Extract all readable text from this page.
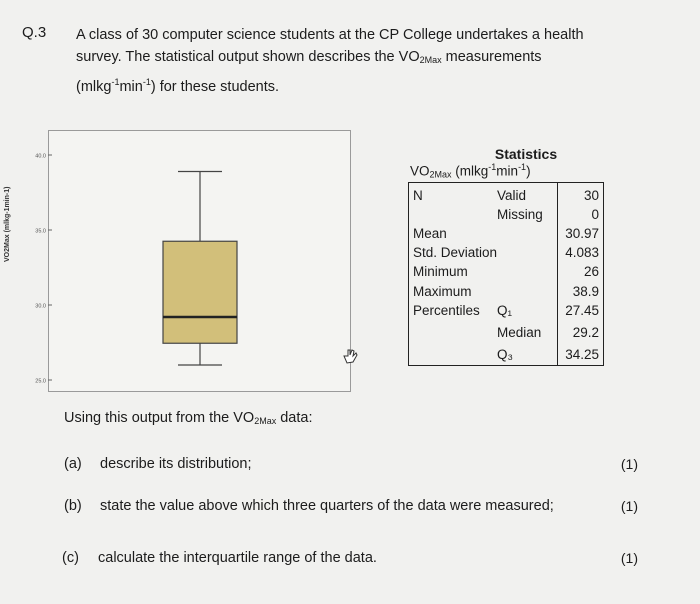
Q.3 A class of 30 computer science students at the CP College undertakes a health
survey. The statistical output shown describes the $VO_{2Max}$ measurements
$(mlkg^{-1}\min^{-1})$ for these students.
VO2Max (mlkg-1min-1)
40.0
35.0
30.0
25.0
Statistics
$VO_{2Max}$ $(mlkg^{-1}\min^{-1})$
N	Valid	30
Missing	0
Mean	30.97
Std. Deviation	4.083
Minimum	26
Maximum	38.9
Percentiles Q₁	27.45
Median 29.2
Q₃	34.25
Using this output from the $VO_{2Max}$ data:
(a) describe its distribution;	(1)
(b) state the value above which three quarters of the data were measured;	(1)
(c) calculate the interquartile range of the data.	(1)
